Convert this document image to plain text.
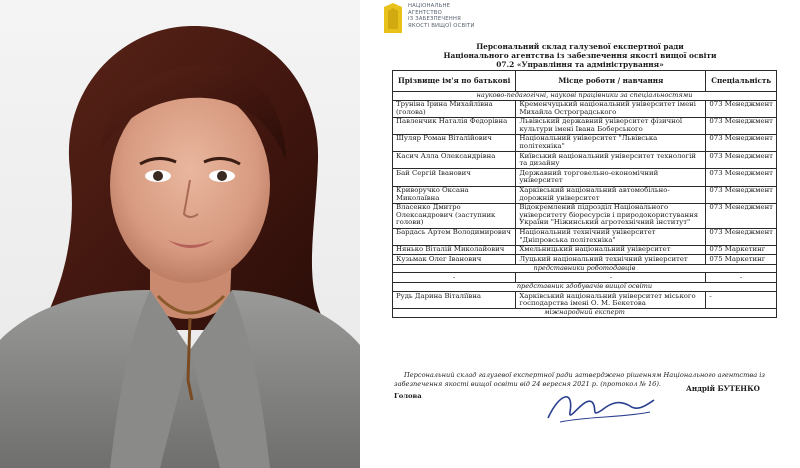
НАЦІОНАЛЬНЕ
АГЕНТСТВО
ІЗ ЗАБЕЗПЕЧЕННЯ
ЯКОСТІ ВИЩОЇ ОСВІТИ
Персональний склад галузевої експертної ради
Національного агентства із забезпечення якості вищої освіти
07.2 «Управління та адміністрування»
Прізвище ім'я по батькові	Місце роботи / навчання	Спеціальність
науково-педагогічні, наукові працівники за спеціальностями		
Трунiна Ірина Михайлівна (голова)	Кременчуцький національний університет імені Михайла Остроградського	073 Менеджмент
Павленчик Наталія Федорівна	Львівський державний університет фізичної культури імені Івана Боберського	073 Менеджмент
Шуляр Роман Віталійович	Національний університет "Львівська політехніка"	073 Менеджмент
Касич Алла Олександрівна	Київський національний університет технологій та дизайну	073 Менеджмент
Бай Сергій Іванович	Державний торговельно-економічний університет	073 Менеджмент
Криворучко Оксана Миколаївна	Харківський національний автомобільно-дорожній університет	073 Менеджмент
Власенко Дмитро Олександрович (заступник голови)	Відокремлений підрозділ Національного університету біоресурсів і природокористування України "Ніжинський агротехнічний інститут"	073 Менеджмент
Бардась Артем Володимирович	Національний технічний університет "Дніпровська політехніка"	073 Менеджмент
Нянько Віталій Миколайович	Хмельницький національний університет	075 Маркетинг
Кузьмак Олег Іванович	Луцький національний технічний університет	075 Маркетинг
представники роботодавців		
-	-	-
представник здобувачів вищої освіти		
Рудь Дарина Віталіївна	Харківський національний університет міського господарства імені О. М. Бекетова	-
міжнародний експерт		
Персональний склад галузевої експертної ради затверджено рішенням Національного агентства із забезпечення якості вищої освіти від 24 вересня 2021 р. (протокол № 16).
Голова
Андрій БУТЕНКО
